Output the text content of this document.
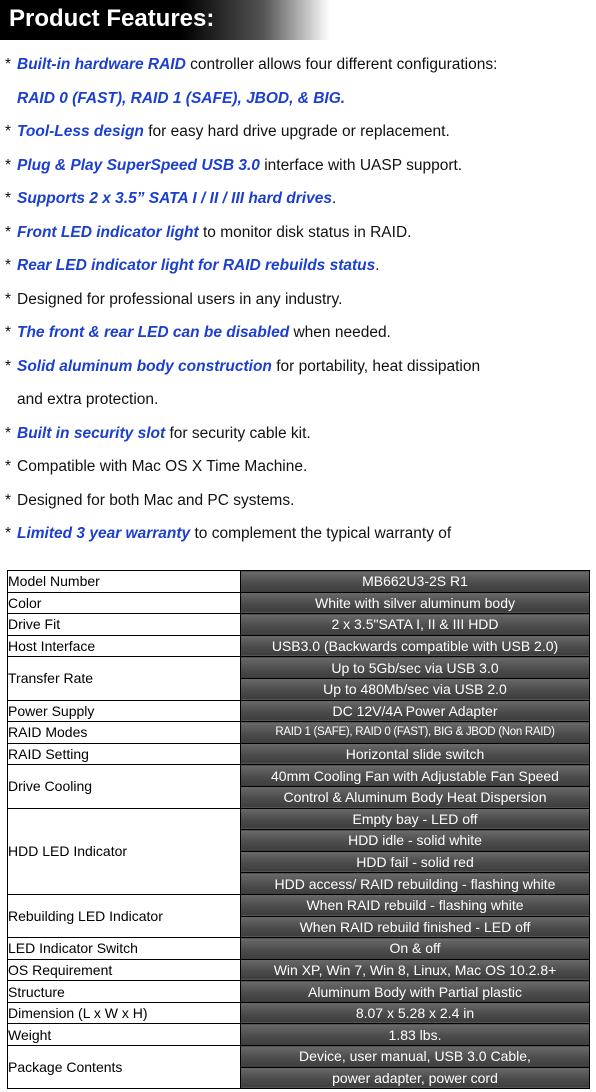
Product Features:
* Built-in hardware RAID controller allows four different configurations:
RAID 0 (FAST), RAID 1 (SAFE), JBOD, & BIG.
* Tool-Less design for easy hard drive upgrade or replacement.
* Plug & Play SuperSpeed USB 3.0 interface with UASP support.
* Supports 2 x 3.5” SATA I / II / III hard drives.
* Front LED indicator light to monitor disk status in RAID.
* Rear LED indicator light for RAID rebuilds status.
* Designed for professional users in any industry.
* The front & rear LED can be disabled when needed.
* Solid aluminum body construction for portability, heat dissipation
and extra protection.
* Built in security slot for security cable kit.
* Compatible with Mac OS X Time Machine.
* Designed for both Mac and PC systems.
* Limited 3 year warranty to complement the typical warranty of
Model Number	MB662U3-2S R1
Color	White with silver aluminum body
Drive Fit	2 x 3.5"SATA I, II & III HDD
Host Interface	USB3.0 (Backwards compatible with USB 2.0)
Transfer Rate	Up to 5Gb/sec via USB 3.0
	Up to 480Mb/sec via USB 2.0
Power Supply	DC 12V/4A Power Adapter
RAID Modes	RAID 1 (SAFE), RAID 0 (FAST), BIG & JBOD (Non RAID)
RAID Setting	Horizontal slide switch
Drive Cooling	40mm Cooling Fan with Adjustable Fan Speed
	Control & Aluminum Body Heat Dispersion
HDD LED Indicator	Empty bay - LED off
	HDD idle - solid white
	HDD fail - solid red
	HDD access/ RAID rebuilding - flashing white
Rebuilding LED Indicator	When RAID rebuild - flashing white
	When RAID rebuild finished - LED off
LED Indicator Switch	On & off
OS Requirement	Win XP, Win 7, Win 8, Linux, Mac OS 10.2.8+
Structure	Aluminum Body with Partial plastic
Dimension (L x W x H)	8.07 x 5.28 x 2.4 in
Weight	1.83 lbs.
Package Contents	Device, user manual, USB 3.0 Cable,
	power adapter, power cord
